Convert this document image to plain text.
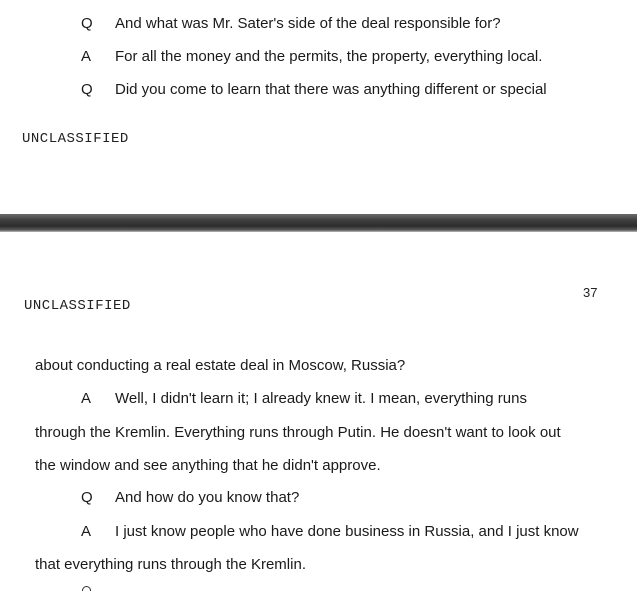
Q And what was Mr. Sater's side of the deal responsible for?
A For all the money and the permits, the property, everything local.
Q Did you come to learn that there was anything different or special
UNCLASSIFIED
UNCLASSIFIED
37
about conducting a real estate deal in Moscow, Russia?
A Well, I didn't learn it; I already knew it. I mean, everything runs
through the Kremlin. Everything runs through Putin. He doesn't want to look out
the window and see anything that he didn't approve.
Q And how do you know that?
A I just know people who have done business in Russia, and I just know
that everything runs through the Kremlin.
